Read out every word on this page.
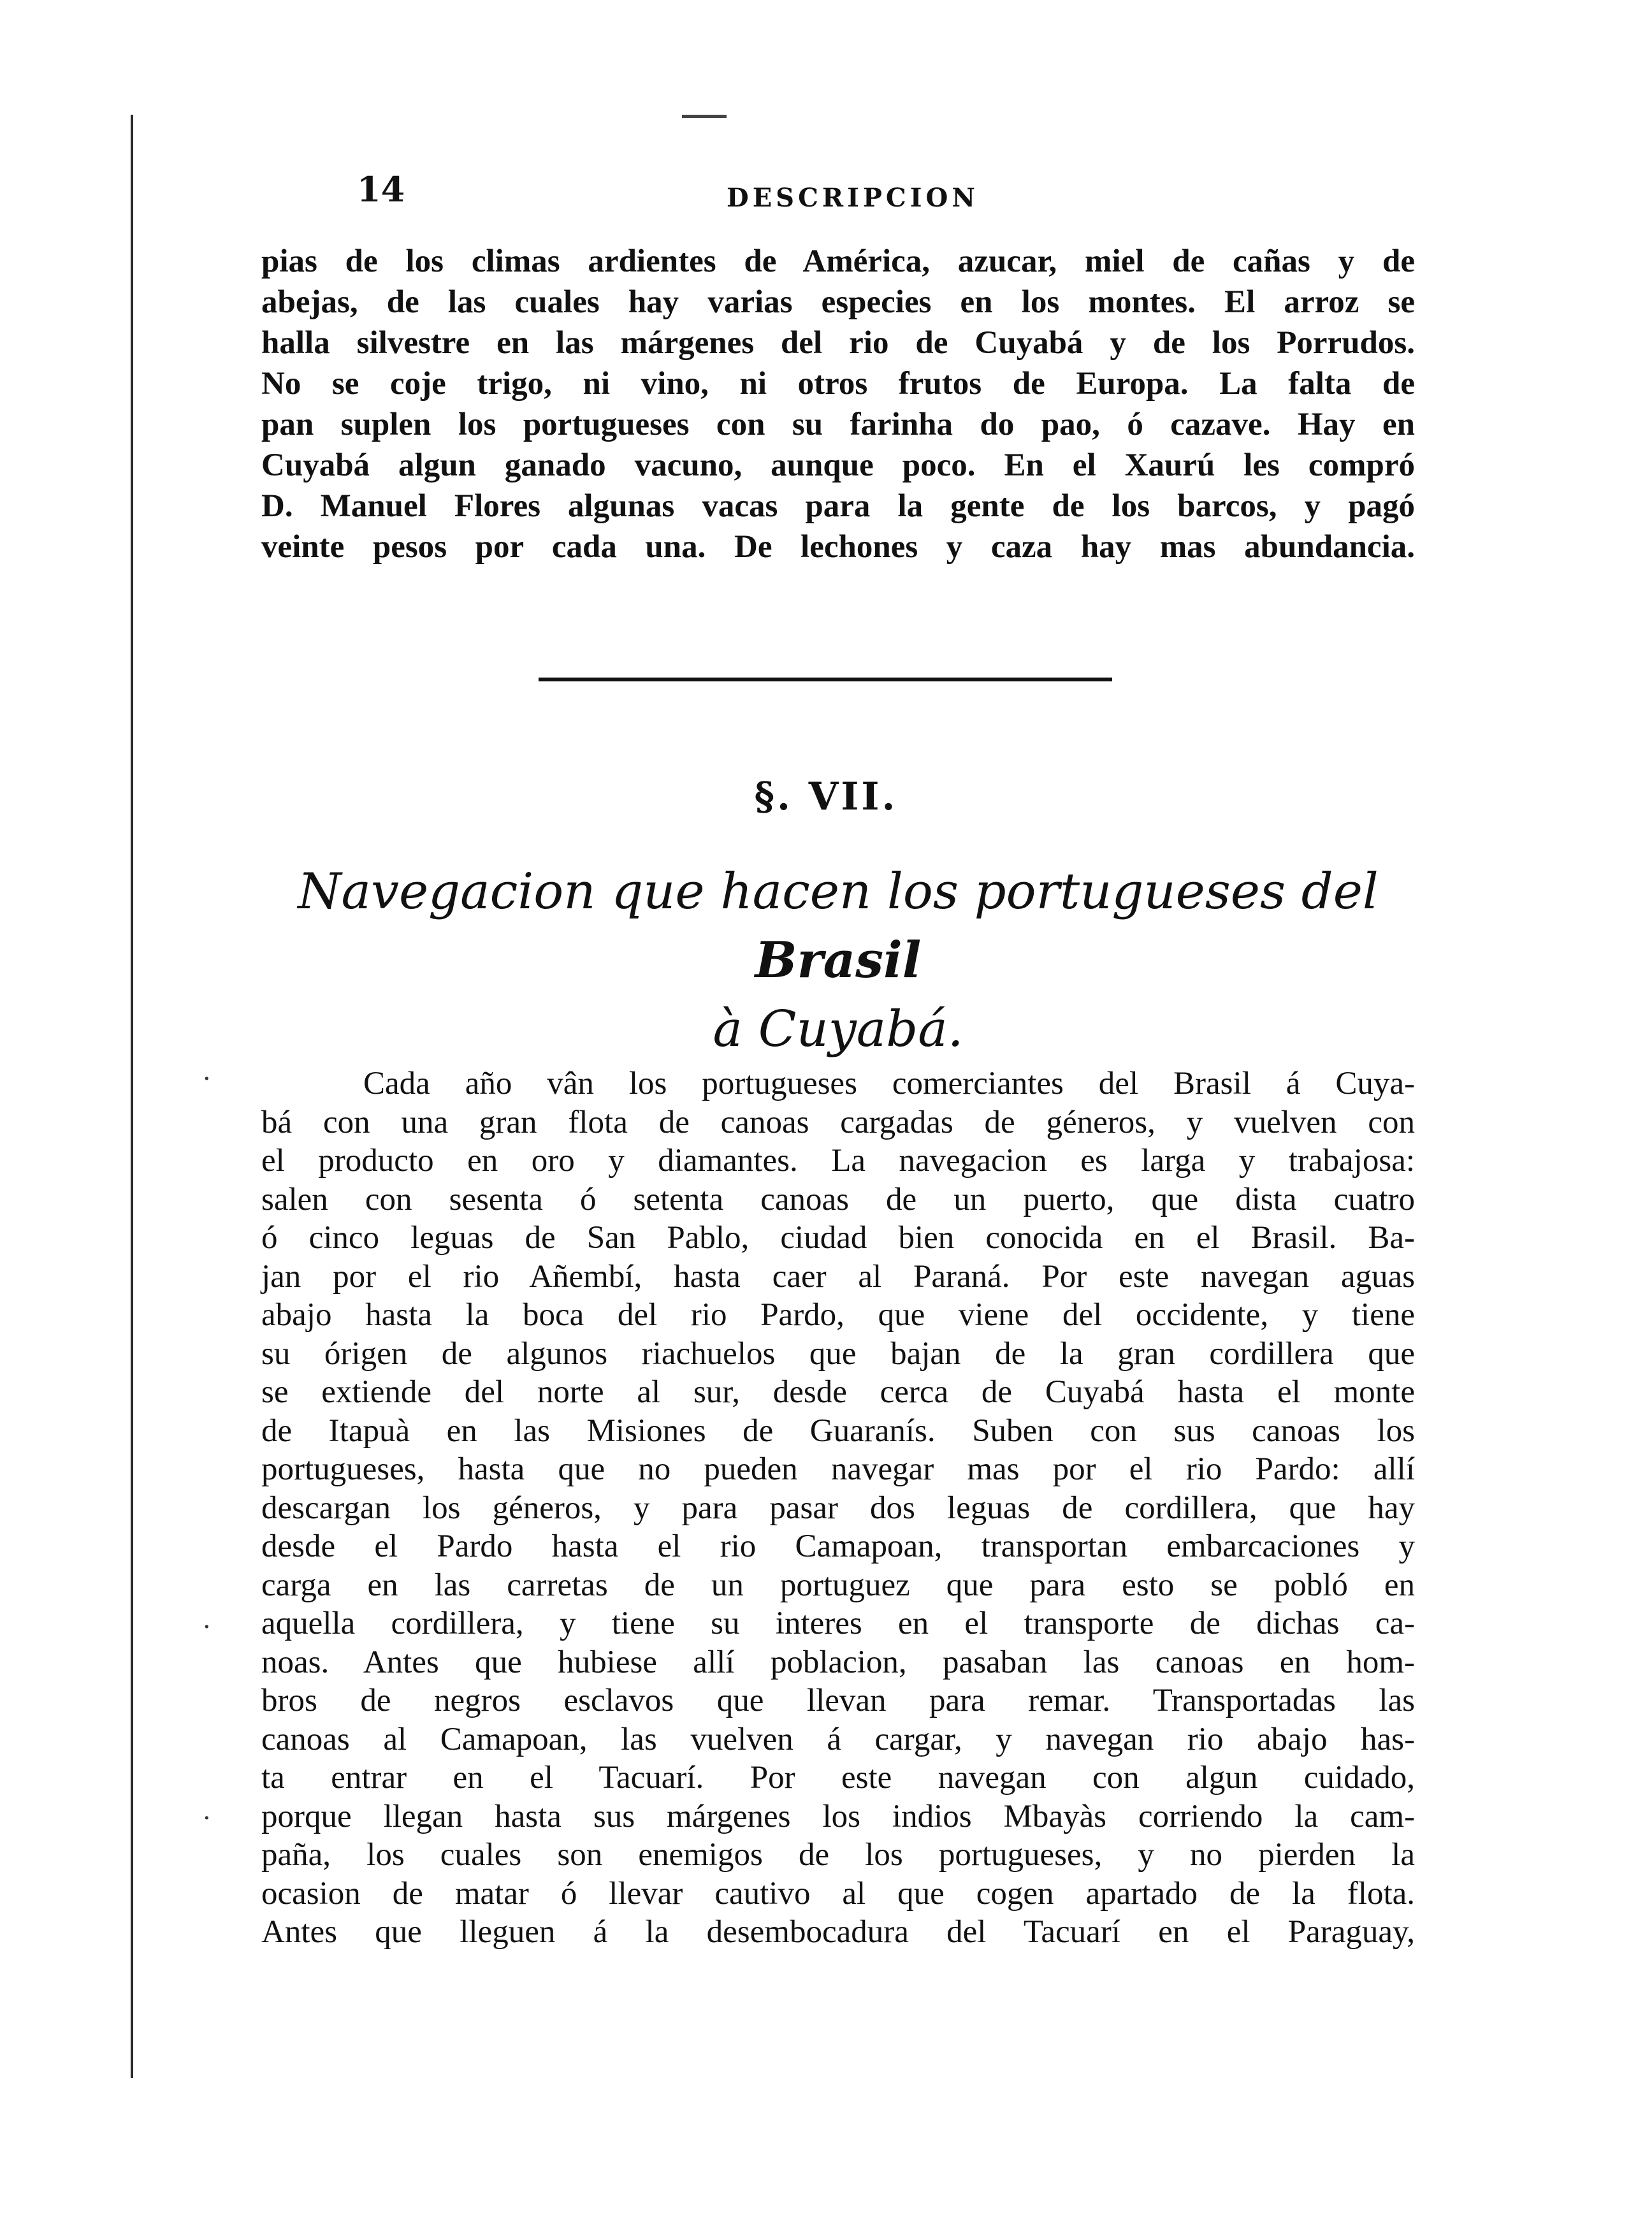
14	DESCRIPCION
pias de los climas ardientes de América, azucar, miel de cañas y de
abejas, de las cuales hay varias especies en los montes. El arroz se
halla silvestre en las márgenes del rio de Cuyabá y de los Porrudos.
No se coje trigo, ni vino, ni otros frutos de Europa. La falta de
pan suplen los portugueses con su farinha do pao, ó cazave. Hay en
Cuyabá algun ganado vacuno, aunque poco. En el Xaurú les compró
D. Manuel Flores algunas vacas para la gente de los barcos, y pagó
veinte pesos por cada una. De lechones y caza hay mas abundancia.
§. VII.
Navegacion que hacen los portugueses del Brasil
à Cuyabá.
Cada año vân los portugueses comerciantes del Brasil á Cuya-
bá con una gran flota de canoas cargadas de géneros, y vuelven con
el producto en oro y diamantes. La navegacion es larga y trabajosa:
salen con sesenta ó setenta canoas de un puerto, que dista cuatro
ó cinco leguas de San Pablo, ciudad bien conocida en el Brasil. Ba-
jan por el rio Añembí, hasta caer al Paraná. Por este navegan aguas
abajo hasta la boca del rio Pardo, que viene del occidente, y tiene
su órigen de algunos riachuelos que bajan de la gran cordillera que
se extiende del norte al sur, desde cerca de Cuyabá hasta el monte
de Itapuà en las Misiones de Guaranís. Suben con sus canoas los
portugueses, hasta que no pueden navegar mas por el rio Pardo: allí
descargan los géneros, y para pasar dos leguas de cordillera, que hay
desde el Pardo hasta el rio Camapoan, transportan embarcaciones y
carga en las carretas de un portuguez que para esto se pobló en
aquella cordillera, y tiene su interes en el transporte de dichas ca-
noas. Antes que hubiese allí poblacion, pasaban las canoas en hom-
bros de negros esclavos que llevan para remar. Transportadas las
canoas al Camapoan, las vuelven á cargar, y navegan rio abajo has-
ta entrar en el Tacuarí. Por este navegan con algun cuidado,
porque llegan hasta sus márgenes los indios Mbayàs corriendo la cam-
paña, los cuales son enemigos de los portugueses, y no pierden la
ocasion de matar ó llevar cautivo al que cogen apartado de la flota.
Antes que lleguen á la desembocadura del Tacuarí en el Paraguay,
·
·
·
